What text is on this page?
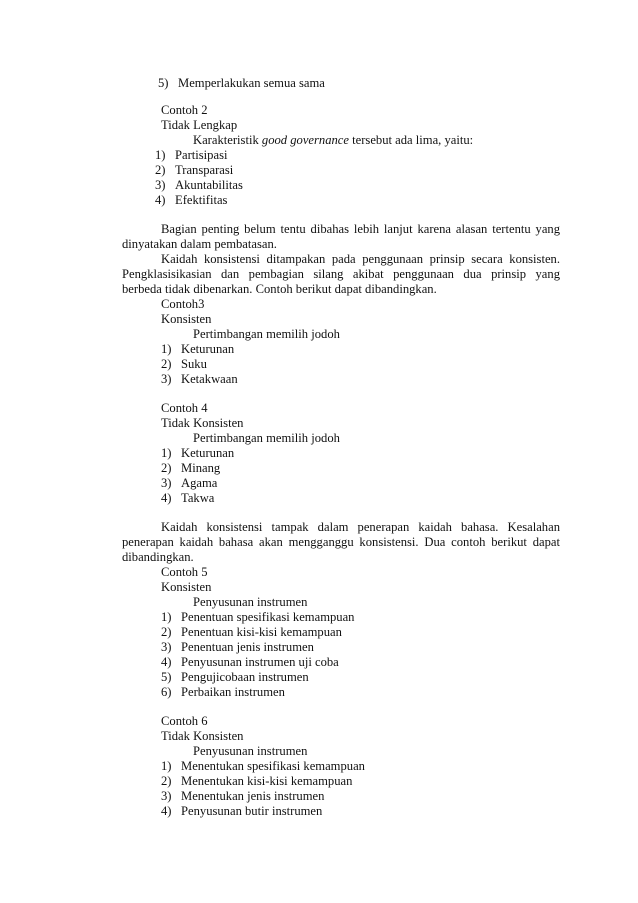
5) Memperlakukan semua sama
Contoh 2
Tidak Lengkap
Karakteristik good governance tersebut ada lima, yaitu:
1) Partisipasi
2) Transparasi
3) Akuntabilitas
4) Efektifitas
Bagian penting belum tentu dibahas lebih lanjut karena alasan tertentu yang
dinyatakan dalam pembatasan.
Kaidah konsistensi ditampakan pada penggunaan prinsip secara konsisten.
Pengklasisikasian dan pembagian silang akibat penggunaan dua prinsip yang
berbeda tidak dibenarkan. Contoh berikut dapat dibandingkan.
Contoh3
Konsisten
Pertimbangan memilih jodoh
1) Keturunan
2) Suku
3) Ketakwaan
Contoh 4
Tidak Konsisten
Pertimbangan memilih jodoh
1) Keturunan
2) Minang
3) Agama
4) Takwa
Kaidah konsistensi tampak dalam penerapan kaidah bahasa. Kesalahan
penerapan kaidah bahasa akan mengganggu konsistensi. Dua contoh berikut dapat
dibandingkan.
Contoh 5
Konsisten
Penyusunan instrumen
1) Penentuan spesifikasi kemampuan
2) Penentuan kisi-kisi kemampuan
3) Penentuan jenis instrumen
4) Penyusunan instrumen uji coba
5) Pengujicobaan instrumen
6) Perbaikan instrumen
Contoh 6
Tidak Konsisten
Penyusunan instrumen
1) Menentukan spesifikasi kemampuan
2) Menentukan kisi-kisi kemampuan
3) Menentukan jenis instrumen
4) Penyusunan butir instrumen
